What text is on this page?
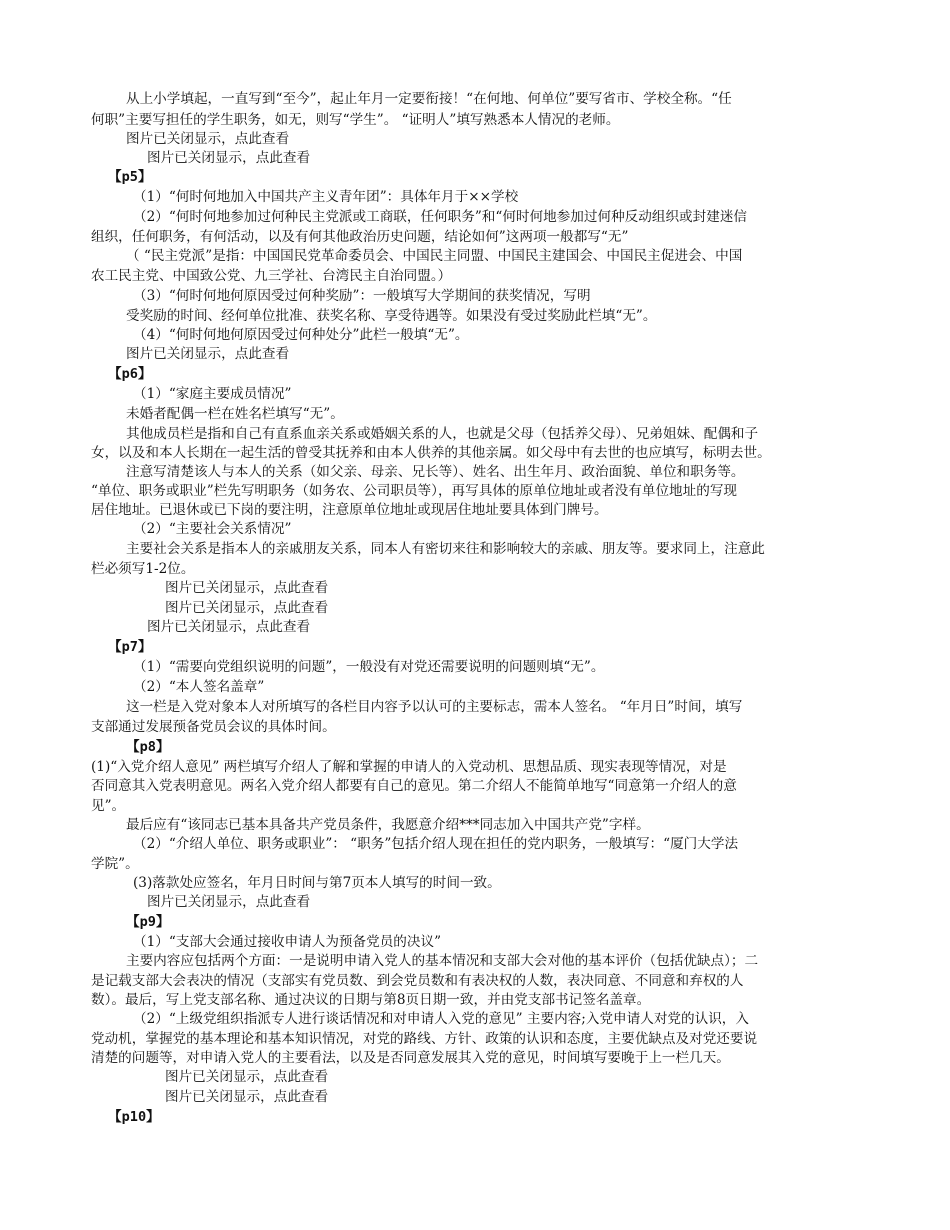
从上小学填起，一直写到“至今”，起止年月一定要衔接！“在何地、何单位”要写省市、学校全称。“任
何职”主要写担任的学生职务，如无，则写“学生”。 “证明人”填写熟悉本人情况的老师。
图片已关闭显示，点此查看
图片已关闭显示，点此查看
【p5】
（1）“何时何地加入中国共产主义青年团”：具体年月于××学校
（2）“何时何地参加过何种民主党派或工商联，任何职务”和“何时何地参加过何种反动组织或封建迷信
组织，任何职务，有何活动，以及有何其他政治历史问题，结论如何”这两项一般都写“无”
（ “民主党派”是指：中国国民党革命委员会、中国民主同盟、中国民主建国会、中国民主促进会、中国
农工民主党、中国致公党、九三学社、台湾民主自治同盟。）
（3）“何时何地何原因受过何种奖励”：一般填写大学期间的获奖情况，写明
受奖励的时间、经何单位批准、获奖名称、享受待遇等。如果没有受过奖励此栏填“无”。
（4）“何时何地何原因受过何种处分”此栏一般填“无”。
图片已关闭显示，点此查看
【p6】
（1）“家庭主要成员情况”
未婚者配偶一栏在姓名栏填写“无”。
其他成员栏是指和自己有直系血亲关系或婚姻关系的人，也就是父母（包括养父母）、兄弟姐妹、配偶和子
女，以及和本人长期在一起生活的曾受其抚养和由本人供养的其他亲属。如父母中有去世的也应填写，标明去世。
注意写清楚该人与本人的关系（如父亲、母亲、兄长等）、姓名、出生年月、政治面貌、单位和职务等。
“单位、职务或职业”栏先写明职务（如务农、公司职员等），再写具体的原单位地址或者没有单位地址的写现
居住地址。已退休或已下岗的要注明，注意原单位地址或现居住地址要具体到门牌号。
（2）“主要社会关系情况”
主要社会关系是指本人的亲戚朋友关系，同本人有密切来往和影响较大的亲戚、朋友等。要求同上，注意此
栏必须写1-2位。
图片已关闭显示，点此查看
图片已关闭显示，点此查看
图片已关闭显示，点此查看
【p7】
（1）“需要向党组织说明的问题”，一般没有对党还需要说明的问题则填“无”。
（2）“本人签名盖章”
这一栏是入党对象本人对所填写的各栏目内容予以认可的主要标志，需本人签名。 “年月日”时间，填写
支部通过发展预备党员会议的具体时间。
【p8】
(1)“入党介绍人意见” 两栏填写介绍人了解和掌握的申请人的入党动机、思想品质、现实表现等情况，对是
否同意其入党表明意见。两名入党介绍人都要有自己的意见。第二介绍人不能简单地写“同意第一介绍人的意
见”。
最后应有“该同志已基本具备共产党员条件，我愿意介绍***同志加入中国共产党”字样。
（2）“介绍人单位、职务或职业”： “职务”包括介绍人现在担任的党内职务，一般填写：“厦门大学法
学院”。
(3)落款处应签名，年月日时间与第7页本人填写的时间一致。
图片已关闭显示，点此查看
【p9】
（1）“支部大会通过接收申请人为预备党员的决议”
主要内容应包括两个方面：一是说明申请入党人的基本情况和支部大会对他的基本评价（包括优缺点）；二
是记载支部大会表决的情况（支部实有党员数、到会党员数和有表决权的人数，表决同意、不同意和弃权的人
数）。最后，写上党支部名称、通过决议的日期与第8页日期一致，并由党支部书记签名盖章。
（2）“上级党组织指派专人进行谈话情况和对申请人入党的意见” 主要内容;入党申请人对党的认识，入
党动机，掌握党的基本理论和基本知识情况，对党的路线、方针、政策的认识和态度，主要优缺点及对党还要说
清楚的问题等，对申请入党人的主要看法，以及是否同意发展其入党的意见，时间填写要晚于上一栏几天。
图片已关闭显示，点此查看
图片已关闭显示，点此查看
【p10】
